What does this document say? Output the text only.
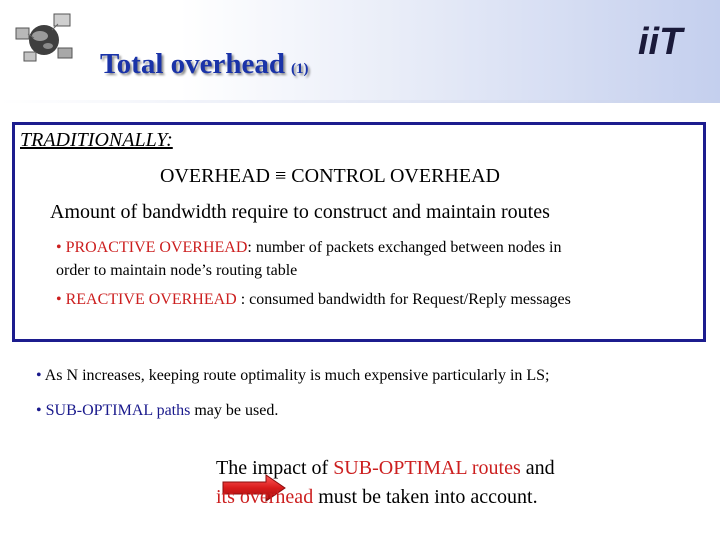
Total overhead (1)
iiT
TRADITIONALLY:
OVERHEAD ≡ CONTROL OVERHEAD
Amount of bandwidth require to construct and maintain routes
• PROACTIVE OVERHEAD: number of packets exchanged between nodes in
order to maintain node’s routing table
• REACTIVE OVERHEAD : consumed bandwidth for Request/Reply messages
• As N increases, keeping route optimality is much expensive particularly in LS;
• SUB-OPTIMAL paths may be used.
The impact of SUB-OPTIMAL routes and
its overhead must be taken into account.
